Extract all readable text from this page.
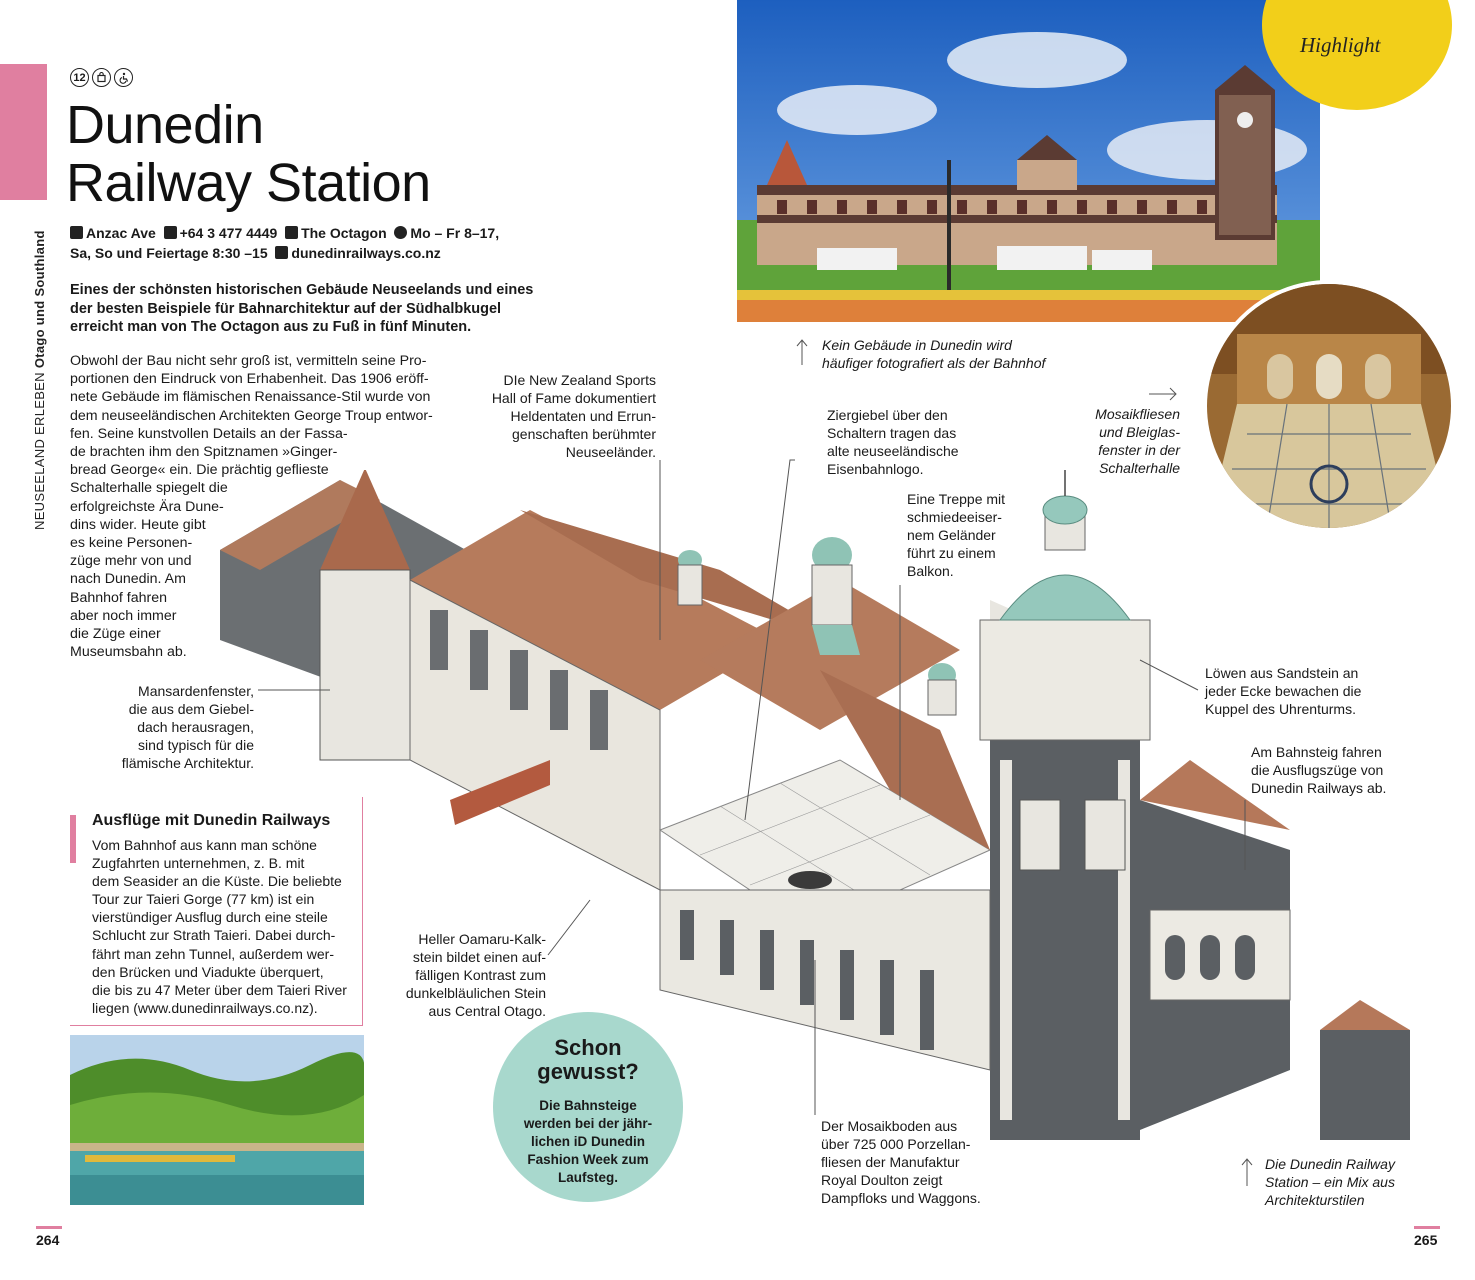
NEUSEELAND ERLEBENOtago und Southland
12
Dunedin
Railway Station
Anzac Ave +64 3 477 4449 The Octagon Mo – Fr 8–17,
Sa, So und Feiertage 8:30 –15 dunedinrailways.co.nz
Eines der schönsten historischen Gebäude Neuseelands und eines der besten Beispiele für Bahnarchitektur auf der Südhalbkugel erreicht man von The Octagon aus zu Fuß in fünf Minuten.
Obwohl der Bau nicht sehr groß ist, vermitteln seine Pro-
portionen den Eindruck von Erhabenheit. Das 1906 eröff-
nete Gebäude im flämischen Renaissance-Stil wurde von
dem neuseeländischen Architekten George Troup entwor-
fen. Seine kunstvollen Details an der Fassa-
de brachten ihm den Spitznamen »Ginger-
bread George« ein. Die prächtig geflieste
Schalterhalle spiegelt die
erfolgreichste Ära Dune-
dins wider. Heute gibt
es keine Personen-
züge mehr von und
nach Dunedin. Am
Bahnhof fahren
aber noch immer
die Züge einer
Museumsbahn ab.
Highlight
Kein Gebäude in Dunedin wird
häufiger fotografiert als der Bahnhof
Mosaikfliesen
und Bleiglas-
fenster in der
Schalterhalle
DIe New Zealand Sports
Hall of Fame dokumentiert
Heldentaten und Errun-
genschaften berühmter
Neuseeländer.
Ziergiebel über den
Schaltern tragen das
alte neuseeländische
Eisenbahnlogo.
Eine Treppe mit
schmiedeeiser-
nem Geländer
führt zu einem
Balkon.
Löwen aus Sandstein an
jeder Ecke bewachen die
Kuppel des Uhrenturms.
Am Bahnsteig fahren
die Ausflugszüge von
Dunedin Railways ab.
Mansardenfenster,
die aus dem Giebel-
dach herausragen,
sind typisch für die
flämische Architektur.
Heller Oamaru-Kalk-
stein bildet einen auf-
fälligen Kontrast zum
dunkelbläulichen Stein
aus Central Otago.
Der Mosaikboden aus
über 725 000 Porzellan-
fliesen der Manufaktur
Royal Doulton zeigt
Dampfloks und Waggons.
Die Dunedin Railway
Station – ein Mix aus
Architekturstilen
Ausflüge mit Dunedin Railways
Vom Bahnhof aus kann man schöne
Zugfahrten unternehmen, z. B. mit
dem Seasider an die Küste. Die beliebte
Tour zur Taieri Gorge (77 km) ist ein
vierstündiger Ausflug durch eine steile
Schlucht zur Strath Taieri. Dabei durch-
fährt man zehn Tunnel, außerdem wer-
den Brücken und Viadukte überquert,
die bis zu 47 Meter über dem Taieri River
liegen (www.dunedinrailways.co.nz).
Schon
gewusst?
Die Bahnsteige
werden bei der jähr-
lichen iD Dunedin
Fashion Week zum
Laufsteg.
264	265
